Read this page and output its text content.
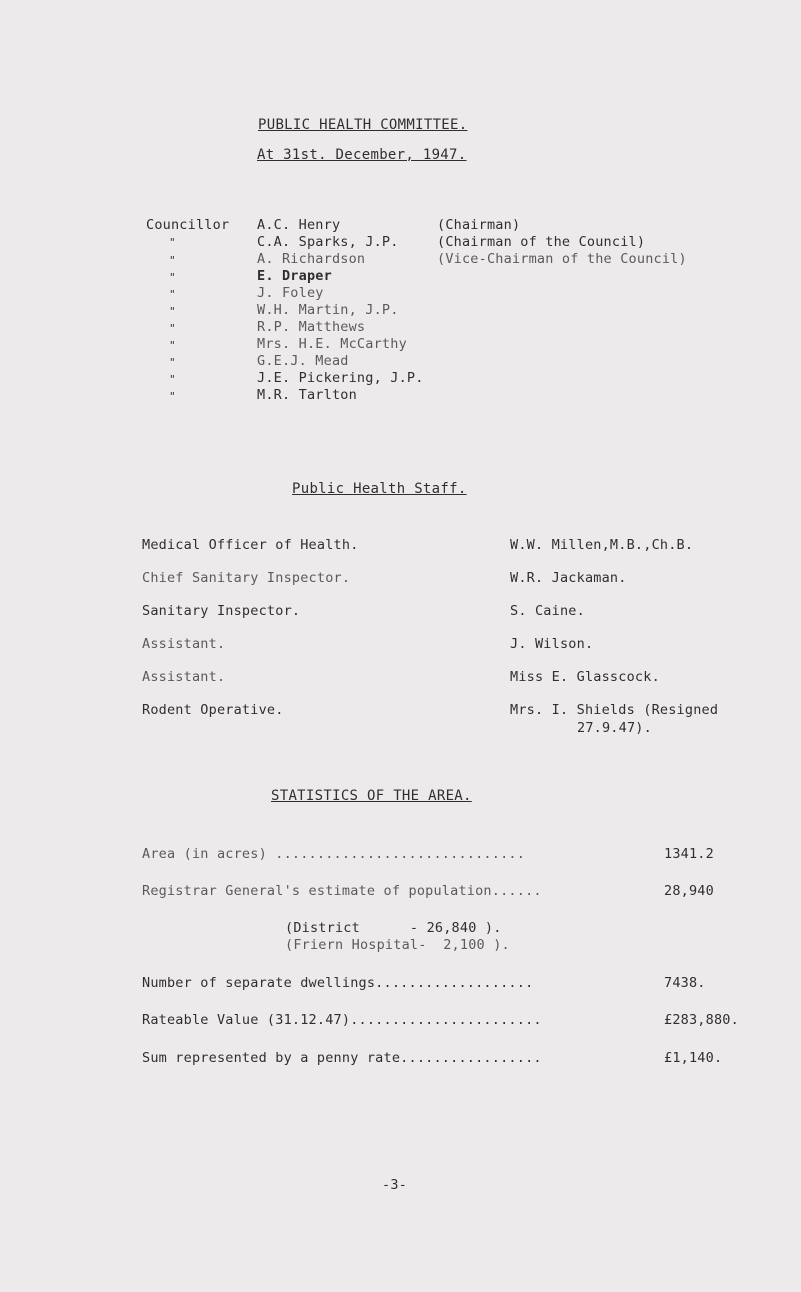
PUBLIC HEALTH COMMITTEE.
At 31st. December, 1947.
Councillor A.C. Henry	(Chairman)
"	C.A. Sparks, J.P.	(Chairman of the Council)
"	A. Richardson	(Vice-Chairman of the Council)
"	E. Draper
"	J. Foley
"	W.H. Martin, J.P.
"	R.P. Matthews
"	Mrs. H.E. McCarthy
"	G.E.J. Mead
"	J.E. Pickering, J.P.
"	M.R. Tarlton
Public Health Staff.
Medical Officer of Health.	W.W. Millen,M.B.,Ch.B.
Chief Sanitary Inspector.	W.R. Jackaman.
Sanitary Inspector.	S. Caine.
Assistant.	J. Wilson.
Assistant.	Miss E. Glasscock.
Rodent Operative.	Mrs. I. Shields (Resigned
27.9.47).
STATISTICS OF THE AREA.
Area (in acres) ..............................	1341.2
Registrar General's estimate of population......	28,940
(District      - 26,840 ).
(Friern Hospital-  2,100 ).
Number of separate dwellings...................	7438.
Rateable Value (31.12.47).......................	£283,880.
Sum represented by a penny rate.................	£1,140.
-3-
